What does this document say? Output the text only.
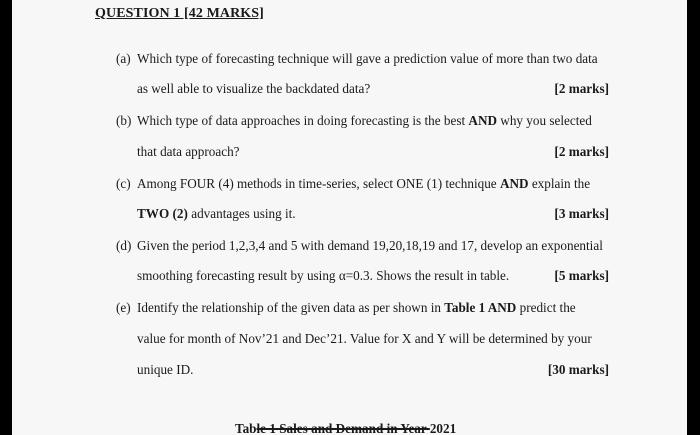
QUESTION 1 [42 MARKS]
(a) Which type of forecasting technique will gave a prediction value of more than two data
as well able to visualize the backdated data?	[2 marks]
(b) Which type of data approaches in doing forecasting is the best AND why you selected
that data approach?	[2 marks]
(c) Among FOUR (4) methods in time-series, select ONE (1) technique AND explain the
TWO (2) advantages using it.	[3 marks]
(d) Given the period 1,2,3,4 and 5 with demand 19,20,18,19 and 17, develop an exponential
smoothing forecasting result by using α=0.3. Shows the result in table.	[5 marks]
(e) Identify the relationship of the given data as per shown in Table 1 AND predict the
value for month of Nov’21 and Dec’21. Value for X and Y will be determined by your
unique ID.	[30 marks]
Table 1 Sales and Demand in Year 2021
